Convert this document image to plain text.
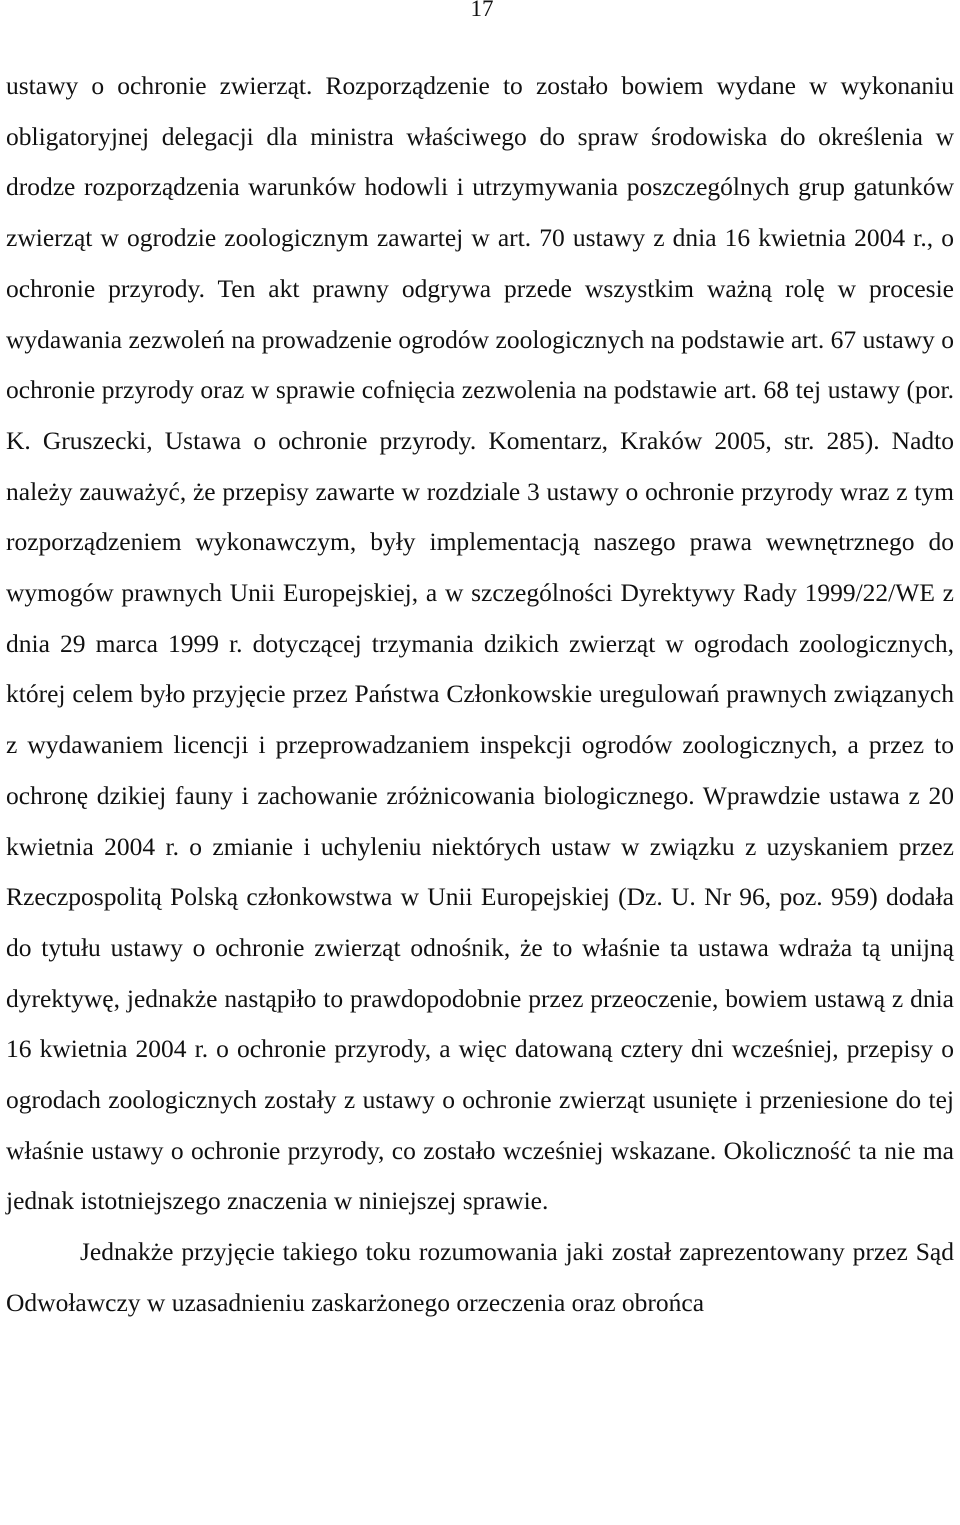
17

ustawy o ochronie zwierząt. Rozporządzenie to zostało bowiem wydane w wykonaniu obligatoryjnej delegacji dla ministra właściwego do spraw środowiska do określenia w drodze rozporządzenia warunków hodowli i utrzymywania poszczególnych grup gatunków zwierząt w ogrodzie zoologicznym zawartej w art. 70 ustawy z dnia 16 kwietnia 2004 r., o ochronie przyrody. Ten akt prawny odgrywa przede wszystkim ważną rolę w procesie wydawania zezwoleń na prowadzenie ogrodów zoologicznych na podstawie art. 67 ustawy o ochronie przyrody oraz w sprawie cofnięcia zezwolenia na podstawie art. 68 tej ustawy (por. K. Gruszecki, Ustawa o ochronie przyrody. Komentarz, Kraków 2005, str. 285). Nadto należy zauważyć, że przepisy zawarte w rozdziale 3 ustawy o ochronie przyrody wraz z tym rozporządzeniem wykonawczym, były implementacją naszego prawa wewnętrznego do wymogów prawnych Unii Europejskiej, a w szczególności Dyrektywy Rady 1999/22/WE z dnia 29 marca 1999 r. dotyczącej trzymania dzikich zwierząt w ogrodach zoologicznych, której celem było przyjęcie przez Państwa Członkowskie uregulowań prawnych związanych z wydawaniem licencji i przeprowadzaniem inspekcji ogrodów zoologicznych, a przez to ochronę dzikiej fauny i zachowanie zróżnicowania biologicznego. Wprawdzie ustawa z 20 kwietnia 2004 r. o zmianie i uchyleniu niektórych ustaw w związku z uzyskaniem przez Rzeczpospolitą Polską członkowstwa w Unii Europejskiej (Dz. U. Nr 96, poz. 959) dodała do tytułu ustawy o ochronie zwierząt odnośnik, że to właśnie ta ustawa wdraża tą unijną dyrektywę, jednakże nastąpiło to prawdopodobnie przez przeoczenie, bowiem ustawą z dnia 16 kwietnia 2004 r. o ochronie przyrody, a więc datowaną cztery dni wcześniej, przepisy o ogrodach zoologicznych zostały z ustawy o ochronie zwierząt usunięte i przeniesione do tej właśnie ustawy o ochronie przyrody, co zostało wcześniej wskazane. Okoliczność ta nie ma jednak istotniejszego znaczenia w niniejszej sprawie.

Jednakże przyjęcie takiego toku rozumowania jaki został zaprezentowany przez Sąd Odwoławczy w uzasadnieniu zaskarżonego orzeczenia oraz obrońca
